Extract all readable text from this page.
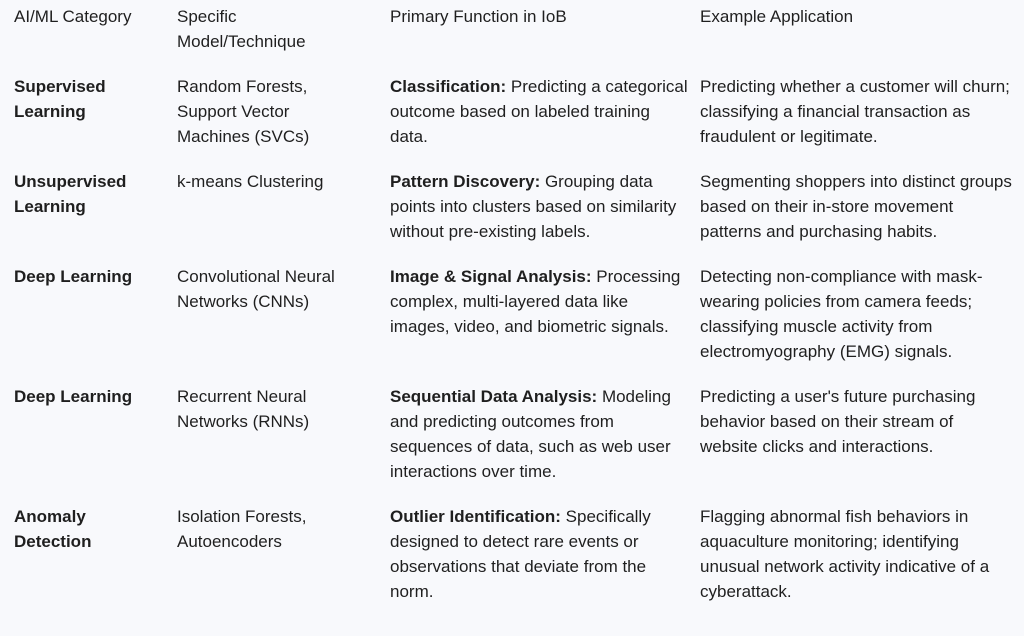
AI/ML Category	Specific Model/Technique	Primary Function in IoB	Example Application
Supervised Learning	Random Forests, Support Vector Machines (SVCs)	Classification: Predicting a categorical outcome based on labeled training data.	Predicting whether a customer will churn; classifying a financial transaction as fraudulent or legitimate.
Unsupervised Learning	k-means Clustering	Pattern Discovery: Grouping data points into clusters based on similarity without pre-existing labels.	Segmenting shoppers into distinct groups based on their in-store movement patterns and purchasing habits.
Deep Learning	Convolutional Neural Networks (CNNs)	Image & Signal Analysis: Processing complex, multi-layered data like images, video, and biometric signals.	Detecting non-compliance with mask-wearing policies from camera feeds; classifying muscle activity from electromyography (EMG) signals.
Deep Learning	Recurrent Neural Networks (RNNs)	Sequential Data Analysis: Modeling and predicting outcomes from sequences of data, such as web user interactions over time.	Predicting a user's future purchasing behavior based on their stream of website clicks and interactions.
Anomaly Detection	Isolation Forests, Autoencoders	Outlier Identification: Specifically designed to detect rare events or observations that deviate from the norm.	Flagging abnormal fish behaviors in aquaculture monitoring; identifying unusual network activity indicative of a cyberattack.
